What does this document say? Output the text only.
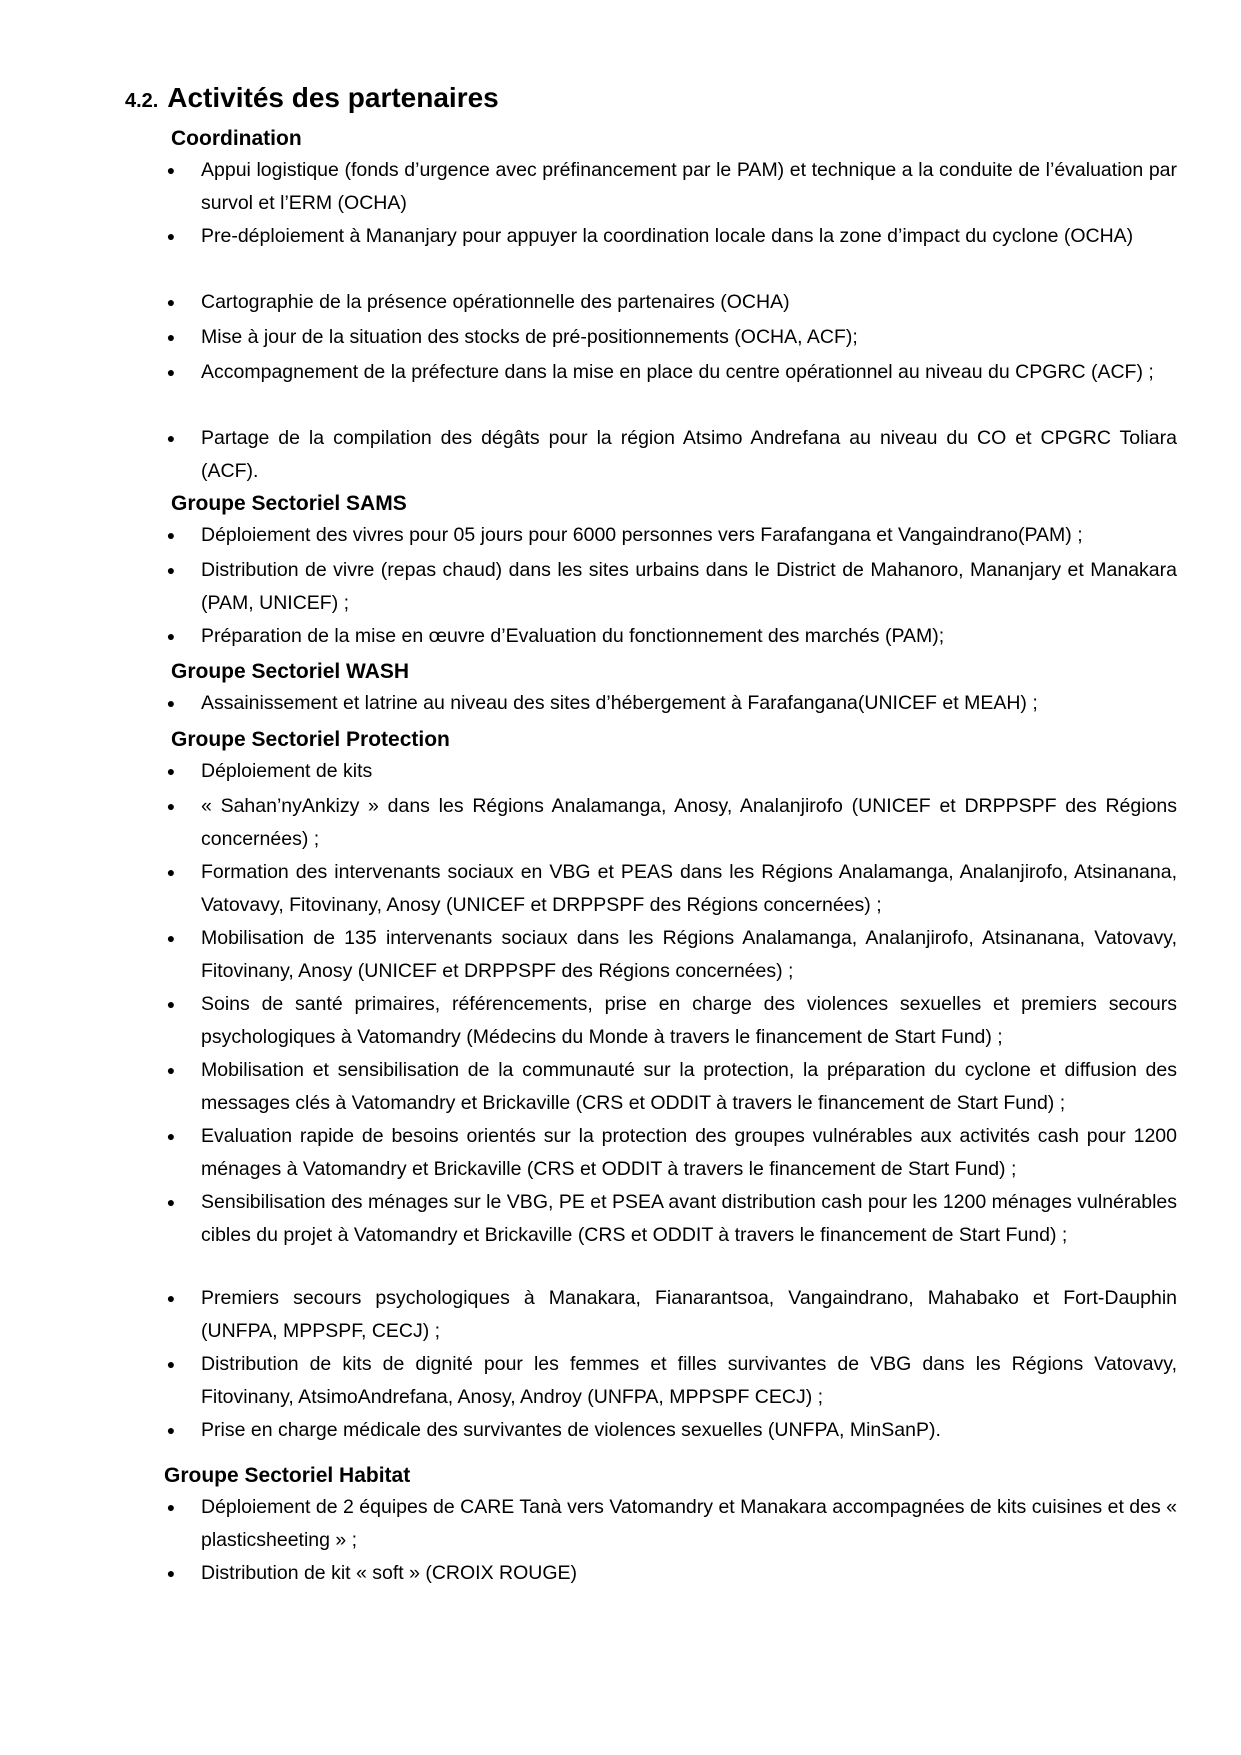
4.2. Activités des partenaires
Coordination
● Appui logistique (fonds d’urgence avec préfinancement par le PAM) et technique a la conduite de l’évaluation par survol et l’ERM (OCHA)
● Pre-déploiement à Mananjary pour appuyer la coordination locale dans la zone d’impact du cyclone (OCHA)
● Cartographie de la présence opérationnelle des partenaires (OCHA)
● Mise à jour de la situation des stocks de pré-positionnements (OCHA, ACF);
● Accompagnement de la préfecture dans la mise en place du centre opérationnel au niveau du CPGRC (ACF) ;
● Partage de la compilation des dégâts pour la région Atsimo Andrefana au niveau du CO et CPGRC Toliara (ACF).
Groupe Sectoriel SAMS
● Déploiement des vivres pour 05 jours pour 6000 personnes vers Farafangana et Vangaindrano(PAM) ;
● Distribution de vivre (repas chaud) dans les sites urbains dans le District de Mahanoro, Mananjary et Manakara (PAM, UNICEF) ;
● Préparation de la mise en œuvre d’Evaluation du fonctionnement des marchés (PAM);
Groupe Sectoriel WASH
● Assainissement et latrine au niveau des sites d’hébergement à Farafangana(UNICEF et MEAH) ;
Groupe Sectoriel Protection
● Déploiement de kits
● « Sahan’nyAnkizy » dans les Régions Analamanga, Anosy, Analanjirofo (UNICEF et DRPPSPF des Régions concernées) ;
● Formation des intervenants sociaux en VBG et PEAS dans les Régions Analamanga, Analanjirofo, Atsinanana, Vatovavy, Fitovinany, Anosy (UNICEF et DRPPSPF des Régions concernées) ;
● Mobilisation de 135 intervenants sociaux dans les Régions Analamanga, Analanjirofo, Atsinanana, Vatovavy, Fitovinany, Anosy (UNICEF et DRPPSPF des Régions concernées) ;
● Soins de santé primaires, référencements, prise en charge des violences sexuelles et premiers secours psychologiques à Vatomandry (Médecins du Monde à travers le financement de Start Fund) ;
● Mobilisation et sensibilisation de la communauté sur la protection, la préparation du cyclone et diffusion des messages clés à Vatomandry et Brickaville (CRS et ODDIT à travers le financement de Start Fund) ;
● Evaluation rapide de besoins orientés sur la protection des groupes vulnérables aux activités cash pour 1200 ménages à Vatomandry et Brickaville (CRS et ODDIT à travers le financement de Start Fund) ;
● Sensibilisation des ménages sur le VBG, PE et PSEA avant distribution cash pour les 1200 ménages vulnérables cibles du projet à Vatomandry et Brickaville (CRS et ODDIT à travers le financement de Start Fund) ;
● Premiers secours psychologiques à Manakara, Fianarantsoa, Vangaindrano, Mahabako et Fort-Dauphin (UNFPA, MPPSPF, CECJ) ;
● Distribution de kits de dignité pour les femmes et filles survivantes de VBG dans les Régions Vatovavy, Fitovinany, AtsimoAndrefana, Anosy, Androy (UNFPA, MPPSPF CECJ) ;
● Prise en charge médicale des survivantes de violences sexuelles (UNFPA, MinSanP).
Groupe Sectoriel Habitat
● Déploiement de 2 équipes de CARE Tanà vers Vatomandry et Manakara accompagnées de kits cuisines et des « plasticsheeting » ;
● Distribution de kit « soft » (CROIX ROUGE)
